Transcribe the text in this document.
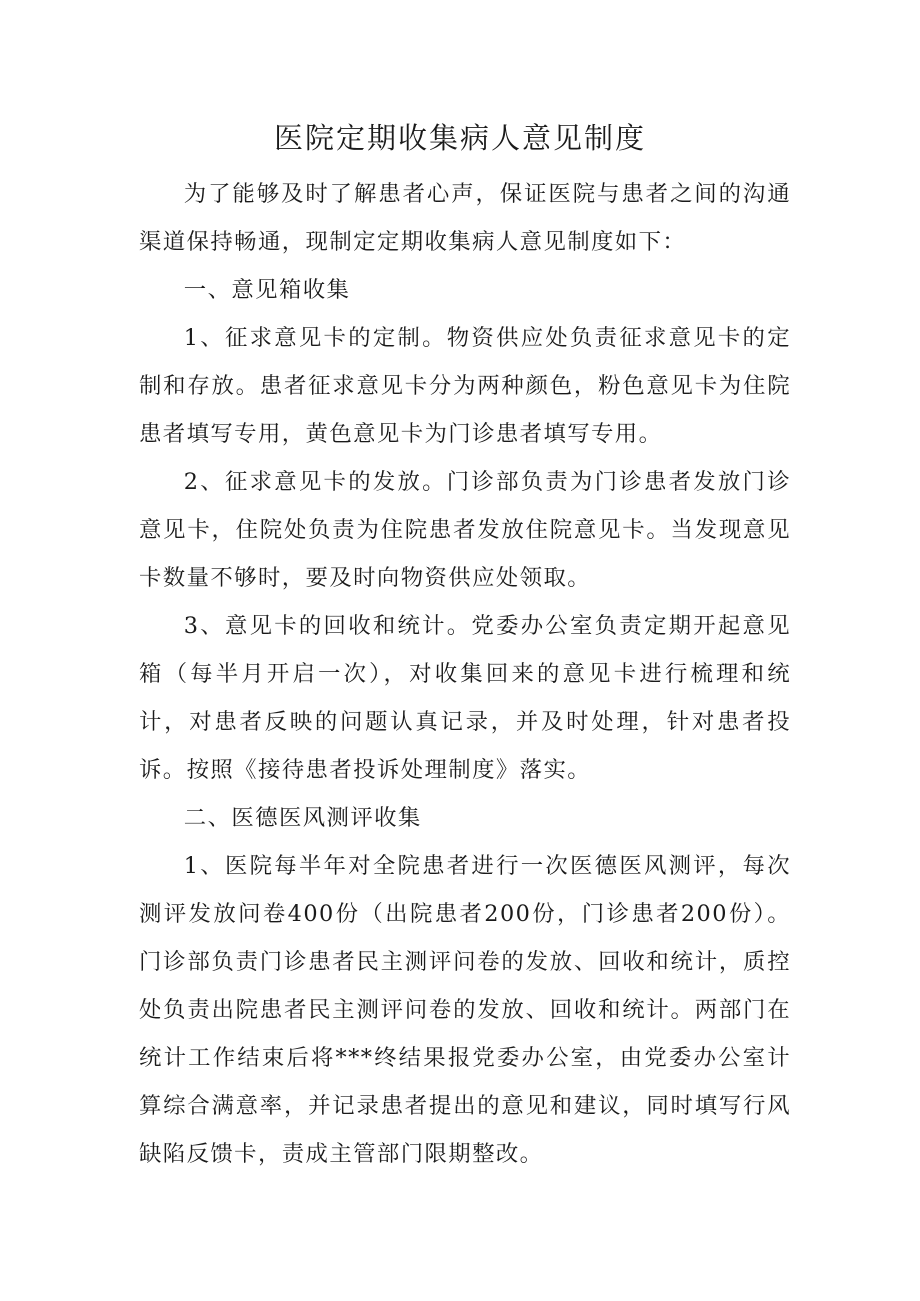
医院定期收集病人意见制度

为了能够及时了解患者心声，保证医院与患者之间的沟通渠道保持畅通，现制定定期收集病人意见制度如下：

一、意见箱收集

1、征求意见卡的定制。物资供应处负责征求意见卡的定制和存放。患者征求意见卡分为两种颜色，粉色意见卡为住院患者填写专用，黄色意见卡为门诊患者填写专用。

2、征求意见卡的发放。门诊部负责为门诊患者发放门诊意见卡，住院处负责为住院患者发放住院意见卡。当发现意见卡数量不够时，要及时向物资供应处领取。

3、意见卡的回收和统计。党委办公室负责定期开起意见箱（每半月开启一次），对收集回来的意见卡进行梳理和统计，对患者反映的问题认真记录，并及时处理，针对患者投诉。按照《接待患者投诉处理制度》落实。

二、医德医风测评收集

1、医院每半年对全院患者进行一次医德医风测评，每次测评发放问卷400份（出院患者200份，门诊患者200份）。门诊部负责门诊患者民主测评问卷的发放、回收和统计，质控处负责出院患者民主测评问卷的发放、回收和统计。两部门在统计工作结束后将***终结果报党委办公室，由党委办公室计算综合满意率，并记录患者提出的意见和建议，同时填写行风缺陷反馈卡，责成主管部门限期整改。
